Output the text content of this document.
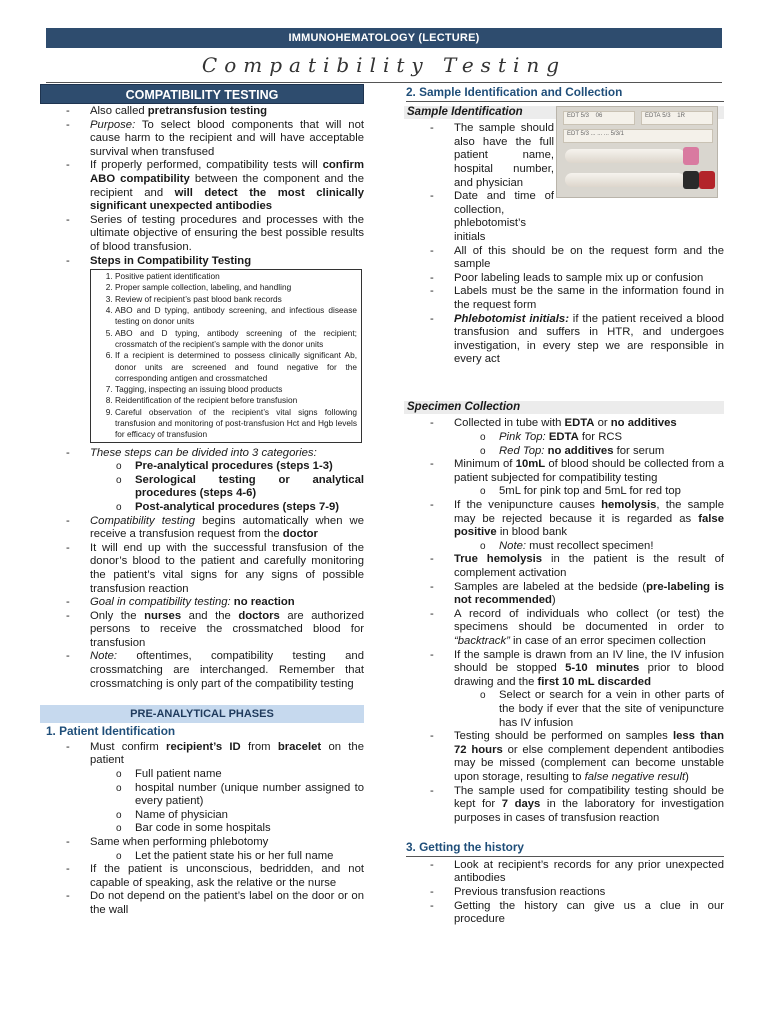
IMMUNOHEMATOLOGY (LECTURE)
Compatibility Testing
COMPATIBILITY TESTING
- Also called pretransfusion testing
- Purpose: To select blood components that will not cause harm to the recipient and will have acceptable survival when transfused
- If properly performed, compatibility tests will confirm ABO compatibility between the component and the recipient and will detect the most clinically significant unexpected antibodies
- Series of testing procedures and processes with the ultimate objective of ensuring the best possible results of blood transfusion.
- Steps in Compatibility Testing
1. Positive patient identification
2. Proper sample collection, labeling, and handling
3. Review of recipient’s past blood bank records
4. ABO and D typing, antibody screening, and infectious disease testing on donor units
5. ABO and D typing, antibody screening of the recipient; crossmatch of the recipient’s sample with the donor units
6. If a recipient is determined to possess clinically significant Ab, donor units are screened and found negative for the corresponding antigen and crossmatched
7. Tagging, inspecting an issuing blood products
8. Reidentification of the recipient before transfusion
9. Careful observation of the recipient’s vital signs following transfusion and monitoring of post-transfusion Hct and Hgb levels for efficacy of transfusion
- These steps can be divided into 3 categories:
o Pre-analytical procedures (steps 1-3)
o Serological testing or analytical procedures (steps 4-6)
o Post-analytical procedures (steps 7-9)
- Compatibility testing begins automatically when we receive a transfusion request from the doctor
- It will end up with the successful transfusion of the donor’s blood to the patient and carefully monitoring the patient’s vital signs for any signs of possible transfusion reaction
- Goal in compatibility testing: no reaction
- Only the nurses and the doctors are authorized persons to receive the crossmatched blood for transfusion
- Note: oftentimes, compatibility testing and crossmatching are interchanged. Remember that crossmatching is only part of the compatibility testing
PRE-ANALYTICAL PHASES
1. Patient Identification
- Must confirm recipient’s ID from bracelet on the patient
o Full patient name
o hospital number (unique number assigned to every patient)
o Name of physician
o Bar code in some hospitals
- Same when performing phlebotomy
o Let the patient state his or her full name
- If the patient is unconscious, bedridden, and not capable of speaking, ask the relative or the nurse
- Do not depend on the patient’s label on the door or on the wall
2. Sample Identification and Collection
Sample Identification
- The sample should also have the full patient name, hospital number, and physician
- Date and time of collection, phlebotomist’s initials
EDT 5/3    06	EDTA 5/3    1R
EDT 5/3 ... ... ... 5/3/1
- All of this should be on the request form and the sample
- Poor labeling leads to sample mix up or confusion
- Labels must be the same in the information found in the request form
- Phlebotomist initials: if the patient received a blood transfusion and suffers in HTR, and undergoes investigation, in every step we are responsible in every act
Specimen Collection
- Collected in tube with EDTA or no additives
o Pink Top: EDTA for RCS
o Red Top: no additives for serum
- Minimum of 10mL of blood should be collected from a patient subjected for compatibility testing
o 5mL for pink top and 5mL for red top
- If the venipuncture causes hemolysis, the sample may be rejected because it is regarded as false positive in blood bank
o Note: must recollect specimen!
- True hemolysis in the patient is the result of complement activation
- Samples are labeled at the bedside (pre-labeling is not recommended)
- A record of individuals who collect (or test) the specimens should be documented in order to “backtrack” in case of an error specimen collection
- If the sample is drawn from an IV line, the IV infusion should be stopped 5-10 minutes prior to blood drawing and the first 10 mL discarded
o Select or search for a vein in other parts of the body if ever that the site of venipuncture has IV infusion
- Testing should be performed on samples less than 72 hours or else complement dependent antibodies may be missed (complement can become unstable upon storage, resulting to false negative result)
- The sample used for compatibility testing should be kept for 7 days in the laboratory for investigation purposes in cases of transfusion reaction
3. Getting the history
- Look at recipient’s records for any prior unexpected antibodies
- Previous transfusion reactions
- Getting the history can give us a clue in our procedure
